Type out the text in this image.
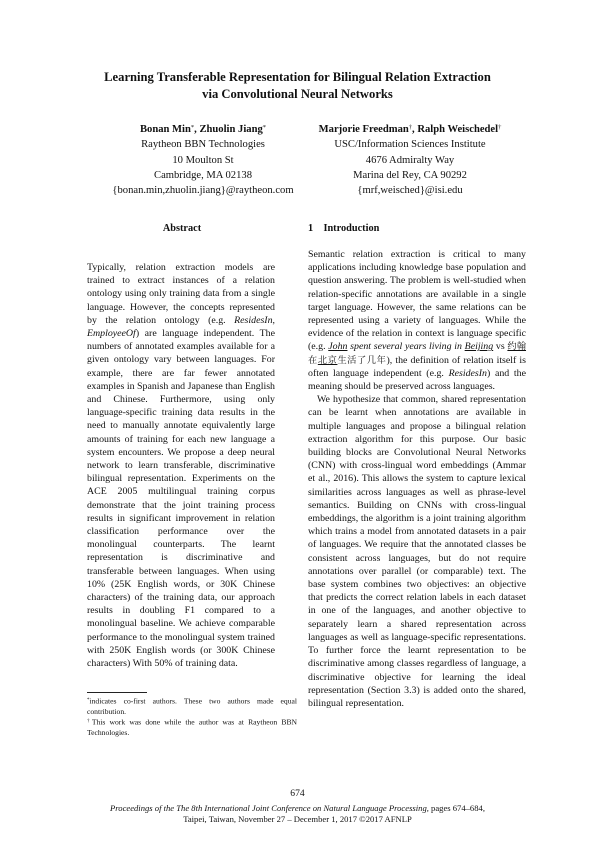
Learning Transferable Representation for Bilingual Relation Extraction
via Convolutional Neural Networks
Bonan Min*, Zhuolin Jiang*
Raytheon BBN Technologies
10 Moulton St
Cambridge, MA 02138
{bonan.min,zhuolin.jiang}@raytheon.com
Marjorie Freedman†, Ralph Weischedel†
USC/Information Sciences Institute
4676 Admiralty Way
Marina del Rey, CA 90292
{mrf,weisched}@isi.edu
Abstract	1    Introduction
Typically, relation extraction models are trained to extract instances of a relation ontology using only training data from a single language. However, the concepts represented by the relation ontology (e.g. ResidesIn, EmployeeOf) are language independent. The numbers of annotated examples available for a given ontology vary between languages. For example, there are far fewer annotated examples in Spanish and Japanese than English and Chinese. Furthermore, using only language-specific training data results in the need to manually annotate equivalently large amounts of training for each new language a system encounters. We propose a deep neural network to learn transferable, discriminative bilingual representation. Experiments on the ACE 2005 multilingual training corpus demonstrate that the joint training process results in significant improvement in relation classification performance over the monolingual counterparts. The learnt representation is discriminative and transferable between languages. When using 10% (25K English words, or 30K Chinese characters) of the training data, our approach results in doubling F1 compared to a monolingual baseline. We achieve comparable performance to the monolingual system trained with 250K English words (or 300K Chinese characters) With 50% of training data.

Semantic relation extraction is critical to many applications including knowledge base population and question answering. The problem is well-studied when relation-specific annotations are available in a single target language. However, the same relations can be represented using a variety of languages. While the evidence of the relation in context is language specific (e.g. John spent several years living in Beijing vs 约翰在北京生活了几年), the definition of relation itself is often language independent (e.g. ResidesIn) and the meaning should be preserved across languages.

We hypothesize that common, shared representation can be learnt when annotations are available in multiple languages and propose a bilingual relation extraction algorithm for this purpose. Our basic building blocks are Convolutional Neural Networks (CNN) with cross-lingual word embeddings (Ammar et al., 2016). This allows the system to capture lexical similarities across languages as well as phrase-level semantics. Building on CNNs with cross-lingual embeddings, the algorithm is a joint training algorithm which trains a model from annotated datasets in a pair of languages. We require that the annotated classes be consistent across languages, but do not require annotations over parallel (or comparable) text. The base system combines two objectives: an objective that predicts the correct relation labels in each dataset in one of the languages, and another objective to separately learn a shared representation across languages as well as language-specific representations. To further force the learnt representation to be discriminative among classes regardless of language, a discriminative objective for learning the ideal representation (Section 3.3) is added onto the shared, bilingual representation.

*indicates co-first authors. These two authors made equal contribution.

†This work was done while the author was at Raytheon BBN Technologies.

674
Proceedings of the The 8th International Joint Conference on Natural Language Processing, pages 674–684,
Taipei, Taiwan, November 27 – December 1, 2017 ©2017 AFNLP
